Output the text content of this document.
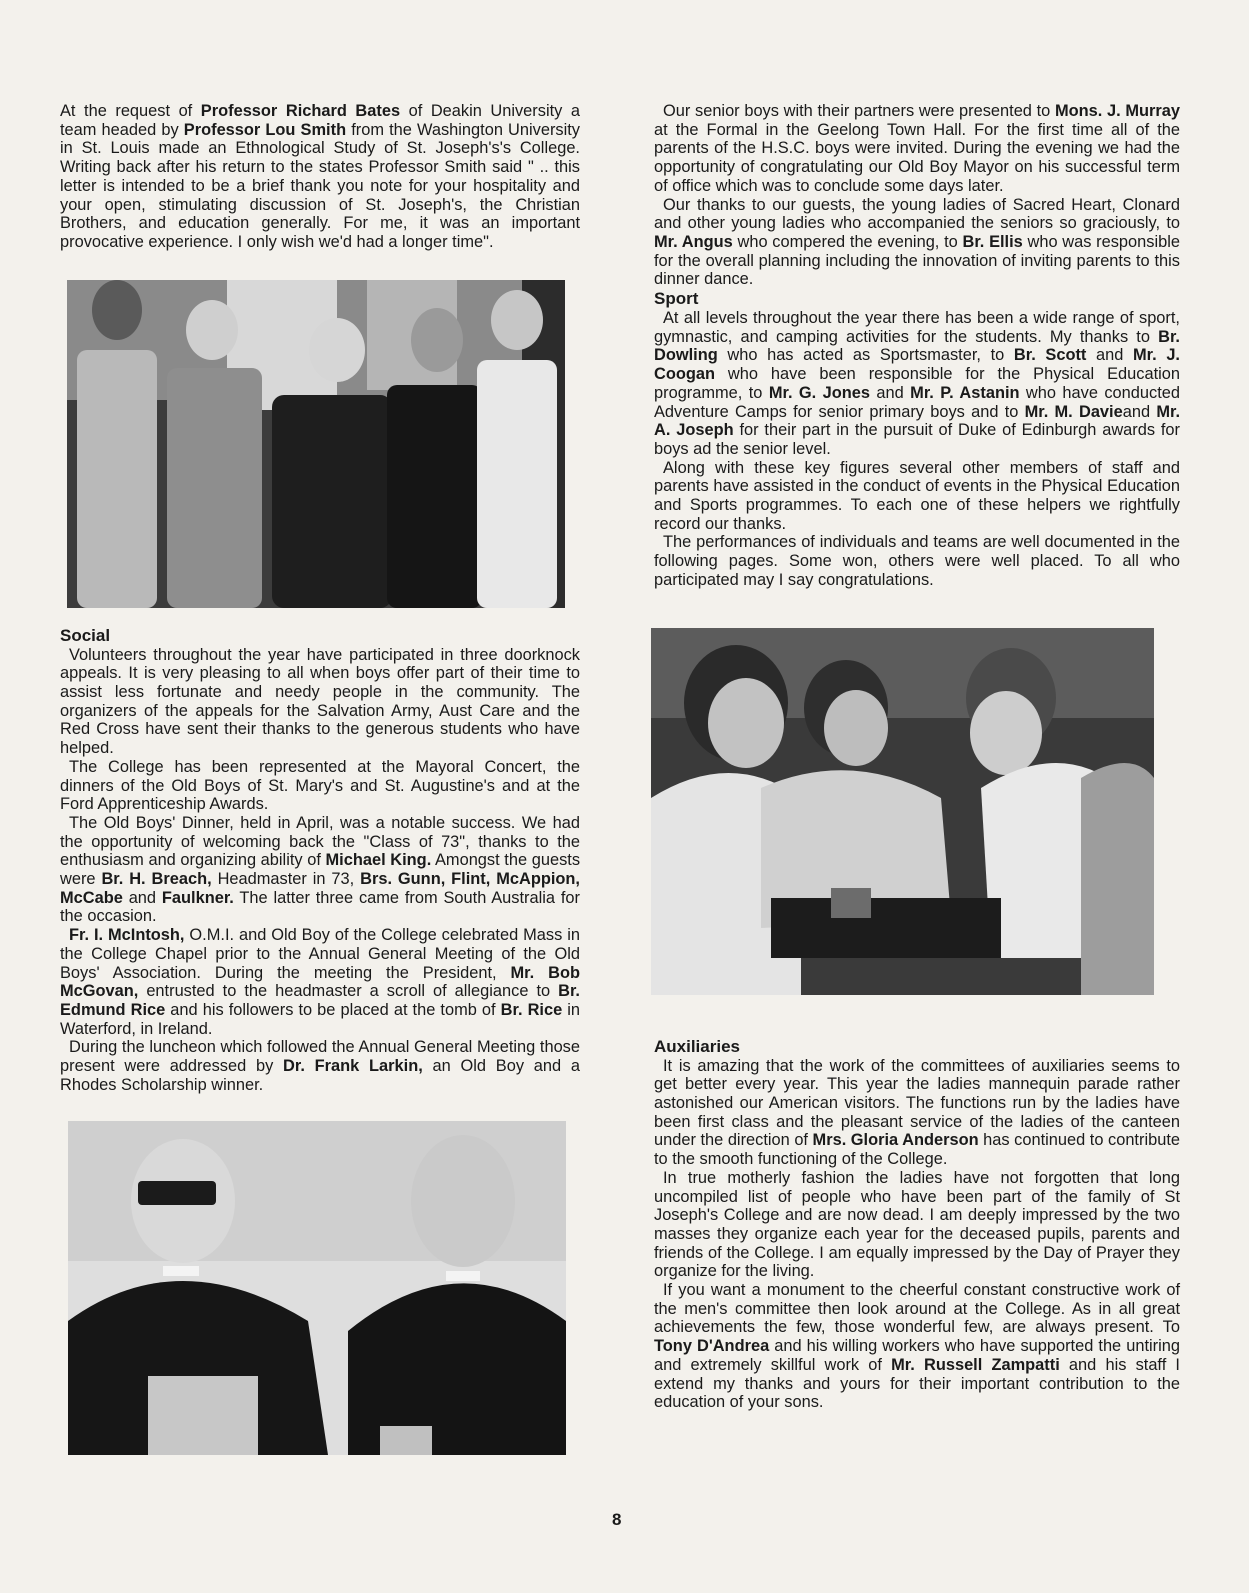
At the request of Professor Richard Bates of Deakin University a team headed by Professor Lou Smith from the Washington University in St. Louis made an Ethnological Study of St. Joseph's's College. Writing back after his return to the states Professor Smith said " .. this letter is intended to be a brief thank you note for your hospitality and your open, stimulating discussion of St. Joseph's, the Christian Brothers, and education generally. For me, it was an important provocative experience. I only wish we'd had a longer time".

Social

Volunteers throughout the year have participated in three doorknock appeals. It is very pleasing to all when boys offer part of their time to assist less fortunate and needy people in the community. The organizers of the appeals for the Salvation Army, Aust Care and the Red Cross have sent their thanks to the generous students who have helped.

The College has been represented at the Mayoral Concert, the dinners of the Old Boys of St. Mary's and St. Augustine's and at the Ford Apprenticeship Awards.

The Old Boys' Dinner, held in April, was a notable success. We had the opportunity of welcoming back the "Class of 73", thanks to the enthusiasm and organizing ability of Michael King. Amongst the guests were Br. H. Breach, Headmaster in 73, Brs. Gunn, Flint, McAppion, McCabe and Faulkner. The latter three came from South Australia for the occasion.

Fr. I. McIntosh, O.M.I. and Old Boy of the College celebrated Mass in the College Chapel prior to the Annual General Meeting of the Old Boys' Association. During the meeting the President, Mr. Bob McGovan, entrusted to the headmaster a scroll of allegiance to Br. Edmund Rice and his followers to be placed at the tomb of Br. Rice in Waterford, in Ireland.

During the luncheon which followed the Annual General Meeting those present were addressed by Dr. Frank Larkin, an Old Boy and a Rhodes Scholarship winner.

Our senior boys with their partners were presented to Mons. J. Murray at the Formal in the Geelong Town Hall. For the first time all of the parents of the H.S.C. boys were invited. During the evening we had the opportunity of congratulating our Old Boy Mayor on his successful term of office which was to conclude some days later.

Our thanks to our guests, the young ladies of Sacred Heart, Clonard and other young ladies who accompanied the seniors so graciously, to Mr. Angus who compered the evening, to Br. Ellis who was responsible for the overall planning including the innovation of inviting parents to this dinner dance.

Sport

At all levels throughout the year there has been a wide range of sport, gymnastic, and camping activities for the students. My thanks to Br. Dowling who has acted as Sportsmaster, to Br. Scott and Mr. J. Coogan who have been responsible for the Physical Education programme, to Mr. G. Jones and Mr. P. Astanin who have conducted Adventure Camps for senior primary boys and to Mr. M. Davieand Mr. A. Joseph for their part in the pursuit of Duke of Edinburgh awards for boys ad the senior level.

Along with these key figures several other members of staff and parents have assisted in the conduct of events in the Physical Education and Sports programmes. To each one of these helpers we rightfully record our thanks.

The performances of individuals and teams are well documented in the following pages. Some won, others were well placed. To all who participated may I say congratulations.

Auxiliaries

It is amazing that the work of the committees of auxiliaries seems to get better every year. This year the ladies mannequin parade rather astonished our American visitors. The functions run by the ladies have been first class and the pleasant service of the ladies of the canteen under the direction of Mrs. Gloria Anderson has continued to contribute to the smooth functioning of the College.

In true motherly fashion the ladies have not forgotten that long uncompiled list of people who have been part of the family of St Joseph's College and are now dead. I am deeply impressed by the two masses they organize each year for the deceased pupils, parents and friends of the College. I am equally impressed by the Day of Prayer they organize for the living.

If you want a monument to the cheerful constant constructive work of the men's committee then look around at the College. As in all great achievements the few, those wonderful few, are always present. To Tony D'Andrea and his willing workers who have supported the untiring and extremely skillful work of Mr. Russell Zampatti and his staff I extend my thanks and yours for their important contribution to the education of your sons.

8
